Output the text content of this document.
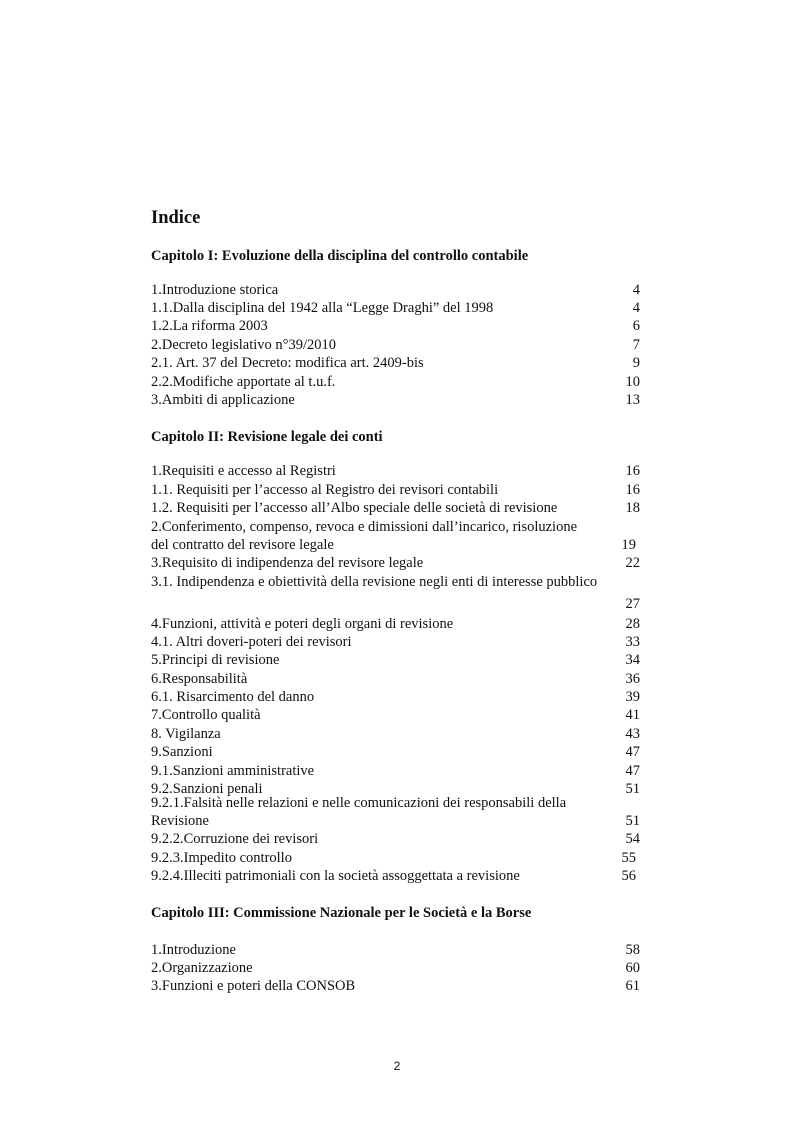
Indice
2
Capitolo I: Evoluzione della disciplina del controllo contabile
1.Introduzione storica	4
1.1.Dalla disciplina del 1942 alla “Legge Draghi” del 1998	4
1.2.La riforma 2003	6
2.Decreto legislativo n°39/2010	7
2.1. Art. 37 del Decreto: modifica art. 2409-bis	9
2.2.Modifiche apportate al t.u.f.	10
3.Ambiti di applicazione	13
Capitolo II: Revisione legale dei conti
1.Requisiti e accesso al Registri	16
1.1. Requisiti per l’accesso al Registro dei revisori contabili	16
1.2. Requisiti per l’accesso all’Albo speciale delle società di revisione	18
2.Conferimento, compenso, revoca e dimissioni dall’incarico, risoluzione
del contratto del revisore legale	19
3.Requisito di indipendenza del revisore legale	22
3.1. Indipendenza e obiettività della revisione negli enti di interesse pubblico
27
4.Funzioni, attività e poteri degli organi di revisione	28
4.1. Altri doveri-poteri dei revisori	33
5.Principi di revisione	34
6.Responsabilità	36
6.1. Risarcimento del danno	39
7.Controllo qualità	41
8. Vigilanza	43
9.Sanzioni	47
9.1.Sanzioni amministrative	47
9.2.Sanzioni penali	51
9.2.1.Falsità nelle relazioni e nelle comunicazioni dei responsabili della
Revisione	51
9.2.2.Corruzione dei revisori	54
9.2.3.Impedito controllo	55
9.2.4.Illeciti patrimoniali con la società assoggettata a revisione	56
Capitolo III: Commissione Nazionale per le Società e la Borse
1.Introduzione	58
2.Organizzazione	60
3.Funzioni e poteri della CONSOB	61
